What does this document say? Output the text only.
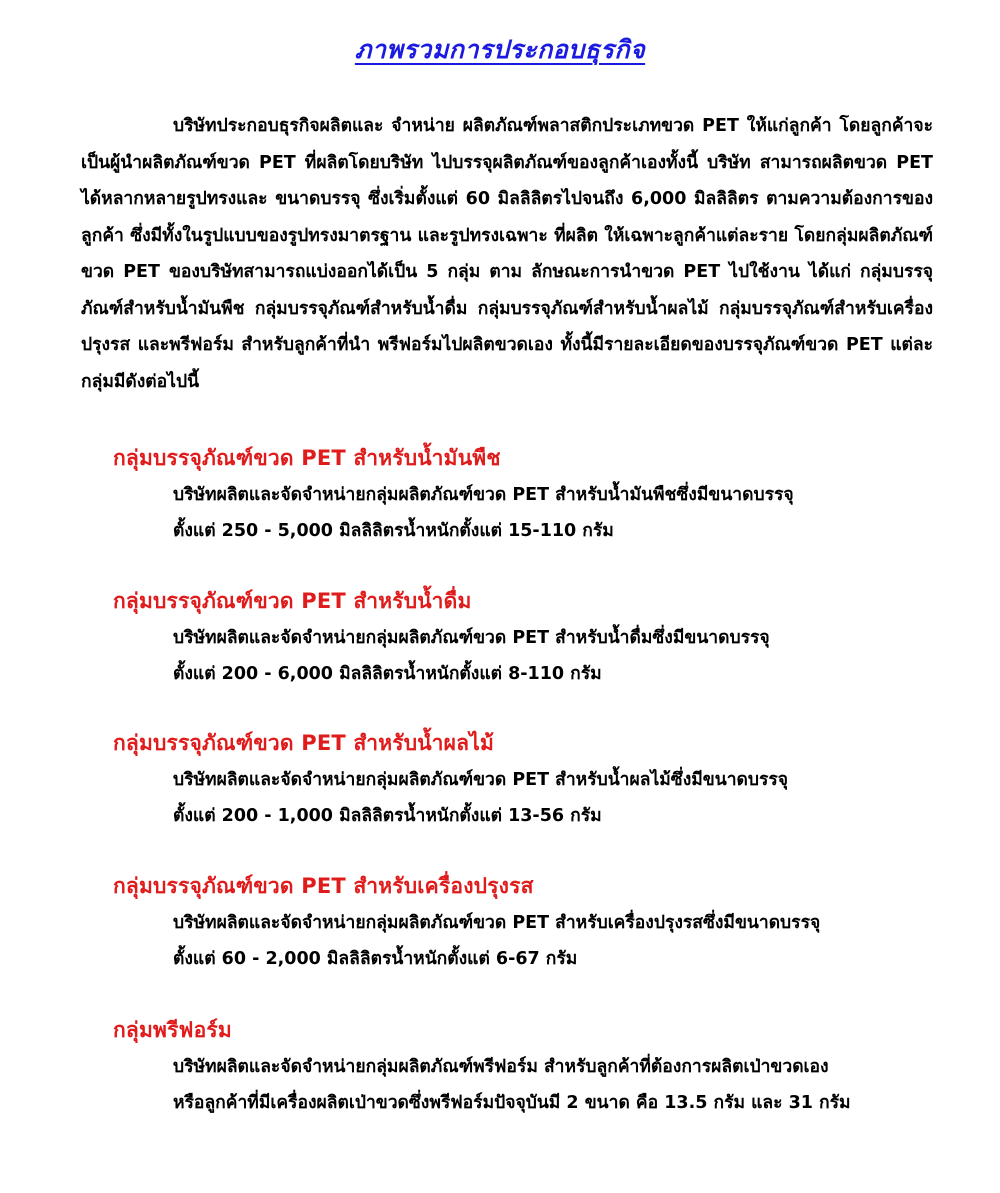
ภาพรวมการประกอบธุรกิจ

บริษัทประกอบธุรกิจผลิตและ จำหน่าย ผลิตภัณฑ์พลาสติกประเภทขวด PET ให้แก่ลูกค้า โดยลูกค้าจะเป็นผู้นำผลิตภัณฑ์ขวด PET ที่ผลิตโดยบริษัท ไปบรรจุผลิตภัณฑ์ของลูกค้าเองทั้งนี้ บริษัท สามารถผลิตขวด PET ได้หลากหลายรูปทรงและ ขนาดบรรจุ ซึ่งเริ่มตั้งแต่ 60 มิลลิลิตรไปจนถึง 6,000 มิลลิลิตร ตามความต้องการของลูกค้า ซึ่งมีทั้งในรูปแบบของรูปทรงมาตรฐาน และรูปทรงเฉพาะ ที่ผลิต ให้เฉพาะลูกค้าแต่ละราย โดยกลุ่มผลิตภัณฑ์ขวด PET ของบริษัทสามารถแบ่งออกได้เป็น 5 กลุ่ม ตาม ลักษณะการนำขวด PET ไปใช้งาน ได้แก่ กลุ่มบรรจุภัณฑ์สำหรับน้ำมันพืช กลุ่มบรรจุภัณฑ์สำหรับน้ำดื่ม กลุ่มบรรจุภัณฑ์สำหรับน้ำผลไม้ กลุ่มบรรจุภัณฑ์สำหรับเครื่องปรุงรส และพรีฟอร์ม สำหรับลูกค้าที่นำ พรีฟอร์มไปผลิตขวดเอง ทั้งนี้มีรายละเอียดของบรรจุภัณฑ์ขวด PET แต่ละกลุ่มมีดังต่อไปนี้

กลุ่มบรรจุภัณฑ์ขวด PET สำหรับน้ำมันพืช
บริษัทผลิตและจัดจำหน่ายกลุ่มผลิตภัณฑ์ขวด PET สำหรับน้ำมันพืชซึ่งมีขนาดบรรจุ
ตั้งแต่ 250 - 5,000 มิลลิลิตรน้ำหนักตั้งแต่ 15-110 กรัม
กลุ่มบรรจุภัณฑ์ขวด PET สำหรับน้ำดื่ม
บริษัทผลิตและจัดจำหน่ายกลุ่มผลิตภัณฑ์ขวด PET สำหรับน้ำดื่มซึ่งมีขนาดบรรจุ
ตั้งแต่ 200 - 6,000 มิลลิลิตรน้ำหนักตั้งแต่ 8-110 กรัม
กลุ่มบรรจุภัณฑ์ขวด PET สำหรับน้ำผลไม้
บริษัทผลิตและจัดจำหน่ายกลุ่มผลิตภัณฑ์ขวด PET สำหรับน้ำผลไม้ซึ่งมีขนาดบรรจุ
ตั้งแต่ 200 - 1,000 มิลลิลิตรน้ำหนักตั้งแต่ 13-56 กรัม
กลุ่มบรรจุภัณฑ์ขวด PET สำหรับเครื่องปรุงรส
บริษัทผลิตและจัดจำหน่ายกลุ่มผลิตภัณฑ์ขวด PET สำหรับเครื่องปรุงรสซึ่งมีขนาดบรรจุ
ตั้งแต่ 60 - 2,000 มิลลิลิตรน้ำหนักตั้งแต่ 6-67 กรัม
กลุ่มพรีฟอร์ม
บริษัทผลิตและจัดจำหน่ายกลุ่มผลิตภัณฑ์พรีฟอร์ม สำหรับลูกค้าที่ต้องการผลิตเป่าขวดเอง
หรือลูกค้าที่มีเครื่องผลิตเป่าขวดซึ่งพรีฟอร์มปัจจุบันมี 2 ขนาด คือ 13.5 กรัม และ 31 กรัม
